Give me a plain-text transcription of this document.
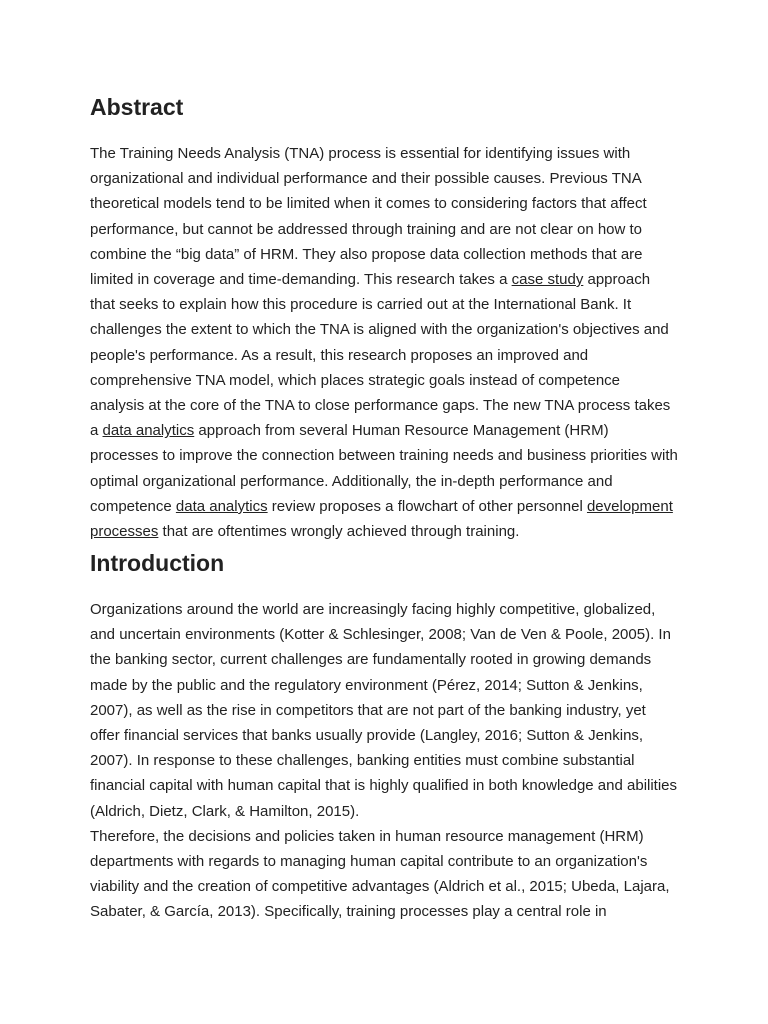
Abstract

The Training Needs Analysis (TNA) process is essential for identifying issues with organizational and individual performance and their possible causes. Previous TNA theoretical models tend to be limited when it comes to considering factors that affect performance, but cannot be addressed through training and are not clear on how to combine the “big data” of HRM. They also propose data collection methods that are limited in coverage and time-demanding. This research takes a case study approach that seeks to explain how this procedure is carried out at the International Bank. It challenges the extent to which the TNA is aligned with the organization's objectives and people's performance. As a result, this research proposes an improved and comprehensive TNA model, which places strategic goals instead of competence analysis at the core of the TNA to close performance gaps. The new TNA process takes a data analytics approach from several Human Resource Management (HRM) processes to improve the connection between training needs and business priorities with optimal organizational performance. Additionally, the in-depth performance and competence data analytics review proposes a flowchart of other personnel development processes that are oftentimes wrongly achieved through training.

Introduction

Organizations around the world are increasingly facing highly competitive, globalized, and uncertain environments (Kotter & Schlesinger, 2008; Van de Ven & Poole, 2005). In the banking sector, current challenges are fundamentally rooted in growing demands made by the public and the regulatory environment (Pérez, 2014; Sutton & Jenkins, 2007), as well as the rise in competitors that are not part of the banking industry, yet offer financial services that banks usually provide (Langley, 2016; Sutton & Jenkins, 2007). In response to these challenges, banking entities must combine substantial financial capital with human capital that is highly qualified in both knowledge and abilities (Aldrich, Dietz, Clark, & Hamilton, 2015).

Therefore, the decisions and policies taken in human resource management (HRM) departments with regards to managing human capital contribute to an organization's viability and the creation of competitive advantages (Aldrich et al., 2015; Ubeda, Lajara, Sabater, & García, 2013). Specifically, training processes play a central role in
